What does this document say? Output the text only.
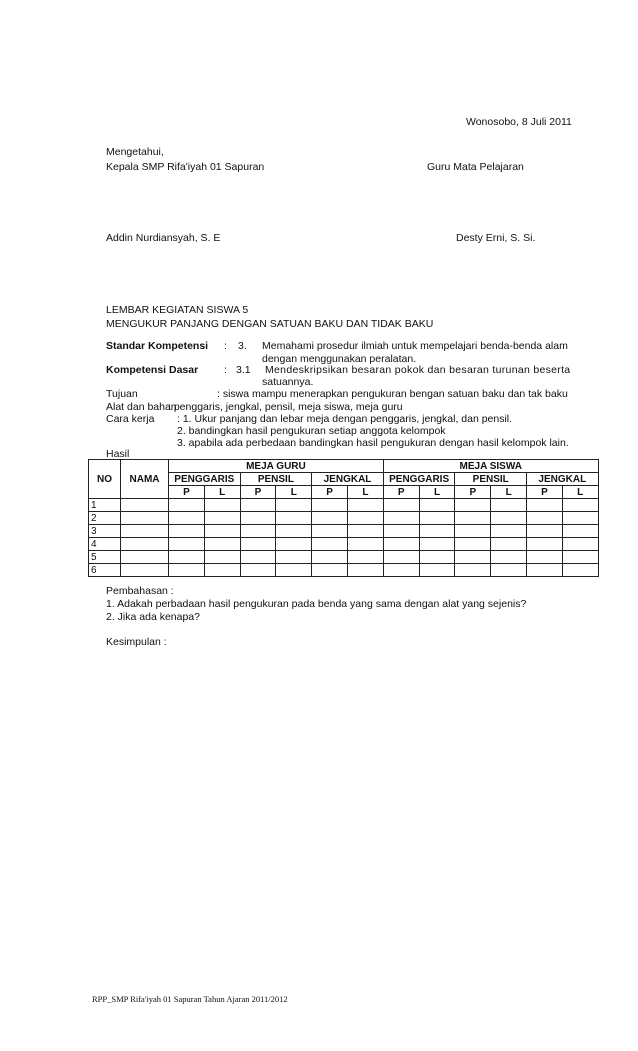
Wonosobo, 8 Juli 2011
Mengetahui,
Kepala SMP Rifa'iyah 01 Sapuran	Guru Mata Pelajaran
Addin Nurdiansyah, S. E	Desty Erni, S. Si.
LEMBAR KEGIATAN SISWA 5
MENGUKUR PANJANG DENGAN SATUAN BAKU DAN TIDAK BAKU
Standar Kompetensi : 3. Memahami prosedur ilmiah untuk mempelajari benda-benda alam
dengan menggunakan peralatan.
Kompetensi Dasar : 3.1 Mendeskripsikan besaran pokok dan besaran turunan beserta
satuannya.
Tujuan	: siswa mampu menerapkan pengukuran bengan satuan baku dan tak baku
Alat dan bahan
: penggaris, jengkal, pensil, meja siswa, meja guru
Cara kerja : 1. Ukur panjang dan lebar meja dengan penggaris, jengkal, dan pensil.
2. bandingkan hasil pengukuran setiap anggota kelompok
3. apabila ada perbedaan bandingkan hasil pengukuran dengan hasil kelompok lain.
Hasil
NO	NAMA	MEJA GURU						MEJA SISWA					
		PENGGARIS		PENSIL		JENGKAL		PENGGARIS		PENSIL		JENGKAL	
		P	L	P	L	P	L	P	L	P	L	P	L
1													
2													
3													
4													
5													
6													
Pembahasan :
1. Adakah perbadaan hasil pengukuran pada benda yang sama dengan alat yang sejenis?
2. Jika ada kenapa?
Kesimpulan :
RPP_SMP Rifa'iyah 01 Sapuran Tahun Ajaran 2011/2012
